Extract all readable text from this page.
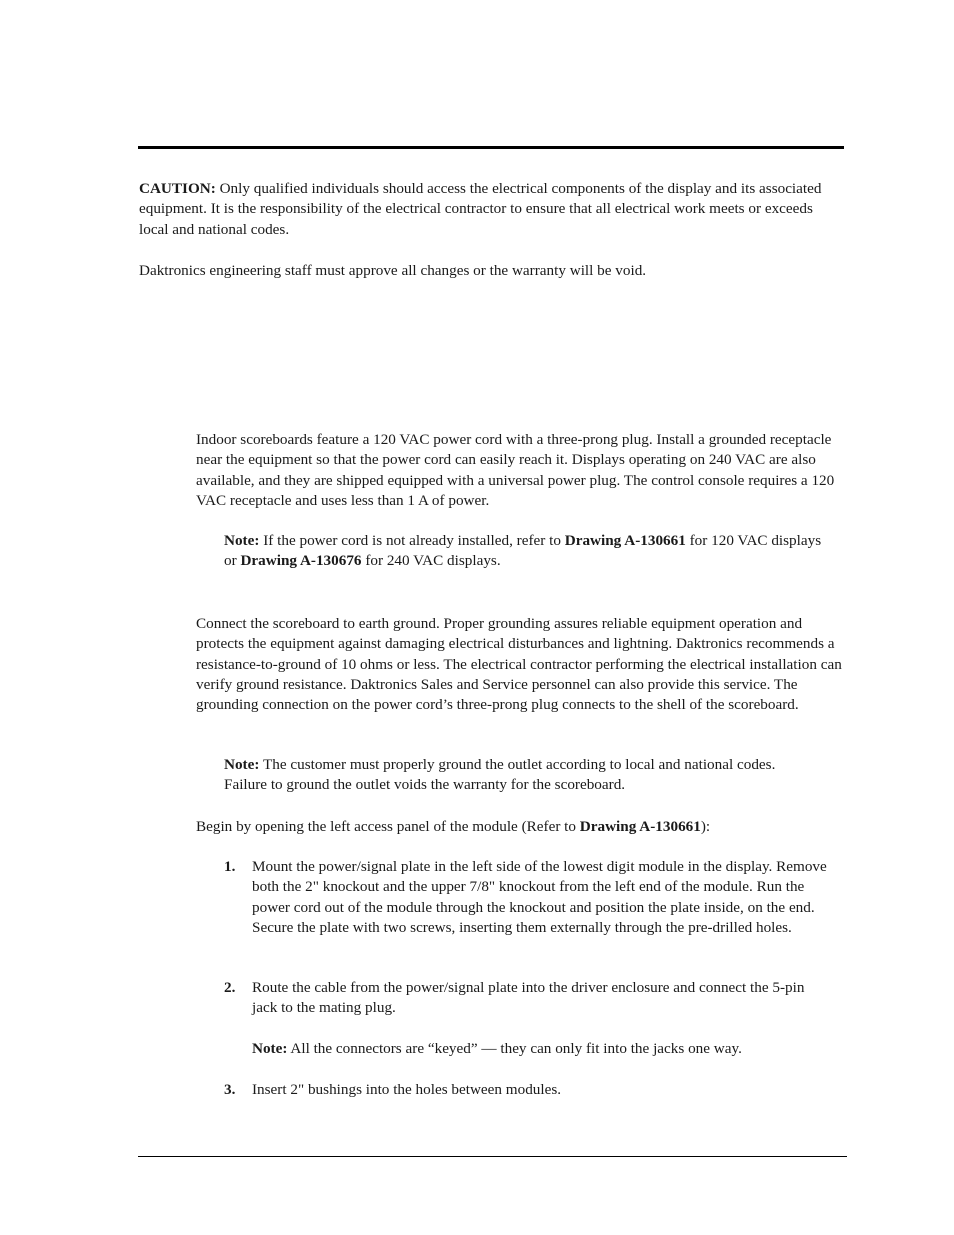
CAUTION: Only qualified individuals should access the electrical components of the display and its associated equipment. It is the responsibility of the electrical contractor to ensure that all electrical work meets or exceeds local and national codes.

Daktronics engineering staff must approve all changes or the warranty will be void.

Indoor scoreboards feature a 120 VAC power cord with a three-prong plug. Install a grounded receptacle near the equipment so that the power cord can easily reach it. Displays operating on 240 VAC are also available, and they are shipped equipped with a universal power plug. The control console requires a 120 VAC receptacle and uses less than 1 A of power.

Note: If the power cord is not already installed, refer to Drawing A-130661 for 120 VAC displays or Drawing A-130676 for 240 VAC displays.

Connect the scoreboard to earth ground. Proper grounding assures reliable equipment operation and protects the equipment against damaging electrical disturbances and lightning. Daktronics recommends a resistance-to-ground of 10 ohms or less. The electrical contractor performing the electrical installation can verify ground resistance. Daktronics Sales and Service personnel can also provide this service. The grounding connection on the power cord’s three-prong plug connects to the shell of the scoreboard.

Note: The customer must properly ground the outlet according to local and national codes. Failure to ground the outlet voids the warranty for the scoreboard.

Begin by opening the left access panel of the module (Refer to Drawing A-130661):

1. Mount the power/signal plate in the left side of the lowest digit module in the display. Remove both the 2" knockout and the upper 7/8" knockout from the left end of the module. Run the power cord out of the module through the knockout and position the plate inside, on the end. Secure the plate with two screws, inserting them externally through the pre-drilled holes.

2. Route the cable from the power/signal plate into the driver enclosure and connect the 5-pin jack to the mating plug.

Note: All the connectors are “keyed” — they can only fit into the jacks one way.

3. Insert 2" bushings into the holes between modules.
